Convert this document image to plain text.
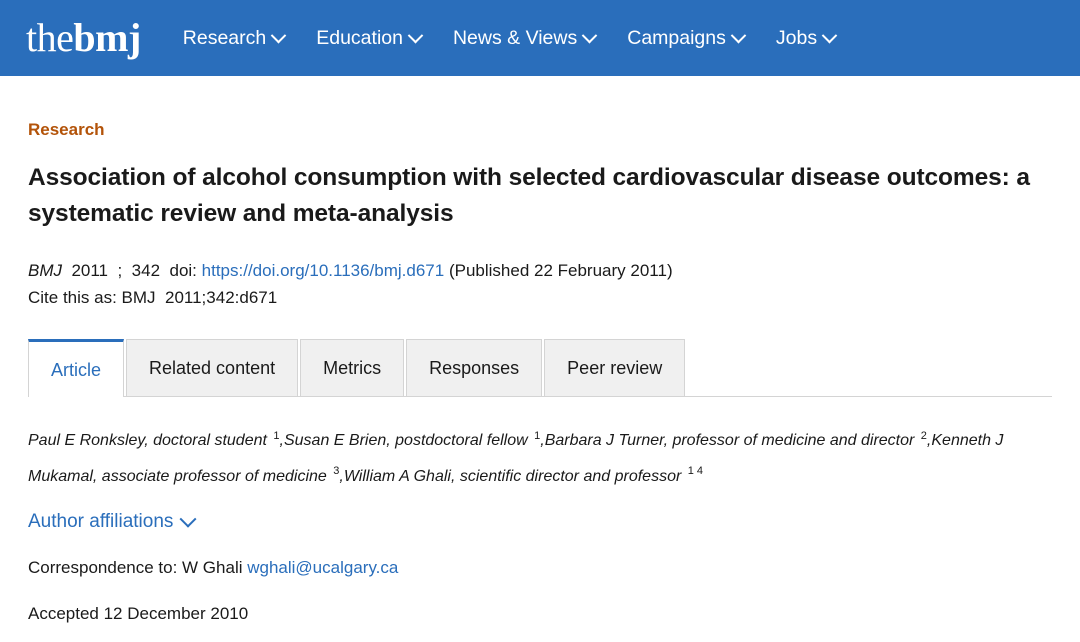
thebmj Research	Education	News & Views	Campaigns	Jobs
Research
Association of alcohol consumption with selected cardiovascular disease outcomes: a systematic review and meta-analysis
BMJ 2011 ; 342 doi: https://doi.org/10.1136/bmj.d671 (Published 22 February 2011)
Cite this as: BMJ 2011;342:d671
Article	Related content	Metrics	Responses	Peer review
Paul E Ronksley, doctoral student $^1$,Susan E Brien, postdoctoral fellow $^1$,Barbara J Turner, professor of medicine and director $^2$,Kenneth J Mukamal, associate professor of medicine $^3$,William A Ghali, scientific director and professor $^{1 4}$
Author affiliations
Correspondence to: W Ghali wghali@ucalgary.ca
Accepted 12 December 2010
